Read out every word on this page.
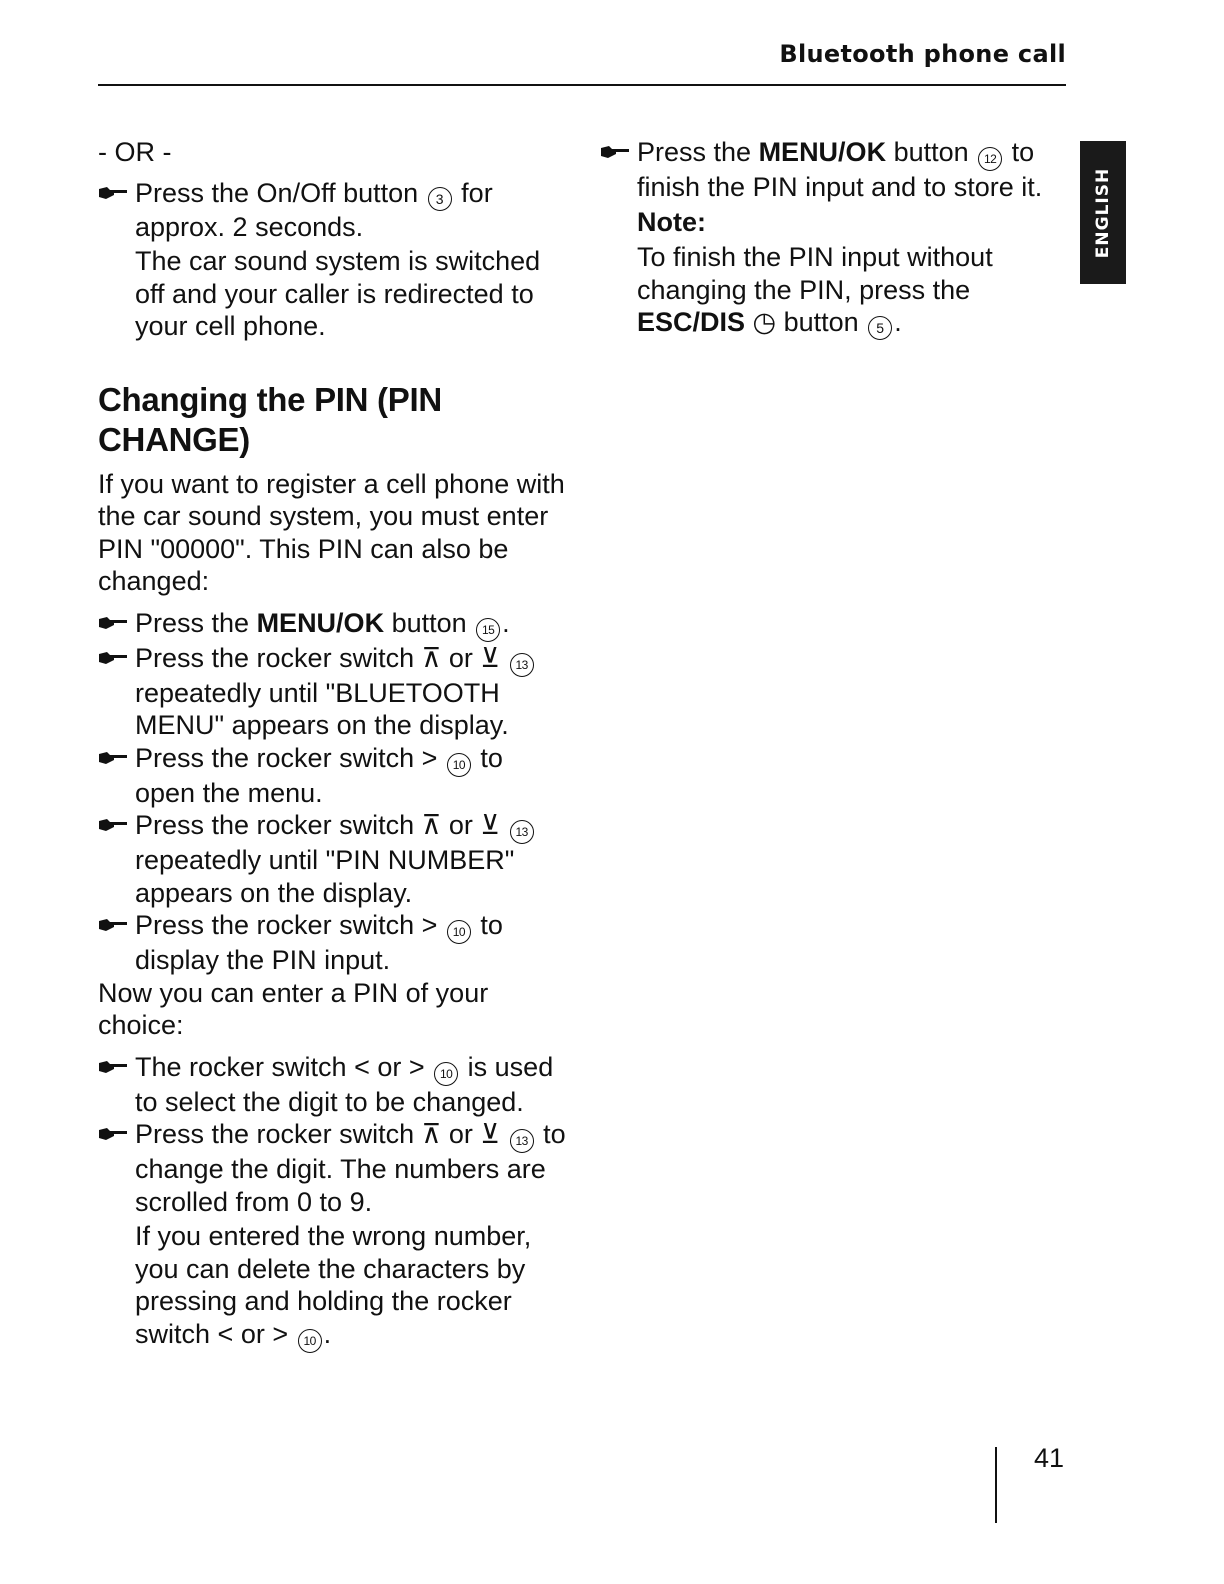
Bluetooth phone call
ENGLISH

- OR -

Press the On/Off button 3 for approx. 2 seconds.

The car sound system is switched off and your caller is redirected to your cell phone.

Changing the PIN (PIN CHANGE)

If you want to register a cell phone with the car sound system, you must enter PIN "00000". This PIN can also be changed:

Press the MENU/OK button 15 .

Press the rocker switch ⊼ or ⊻ 13 repeatedly until "BLUETOOTH MENU" appears on the display.

Press the rocker switch > 10 to open the menu.

Press the rocker switch ⊼ or ⊻ 13 repeatedly until "PIN NUMBER" appears on the display.

Press the rocker switch > 10 to display the PIN input.

Now you can enter a PIN of your choice:

The rocker switch < or > 10 is used to select the digit to be changed.

Press the rocker switch ⊼ or ⊻ 13 to change the digit. The numbers are scrolled from 0 to 9.

If you entered the wrong number, you can delete the characters by pressing and holding the rocker switch < or > 10 .

Press the MENU/OK button 12 to finish the PIN input and to store it.

Note:

To finish the PIN input without changing the PIN, press the ESC/DIS ◷ button 5 .

41
